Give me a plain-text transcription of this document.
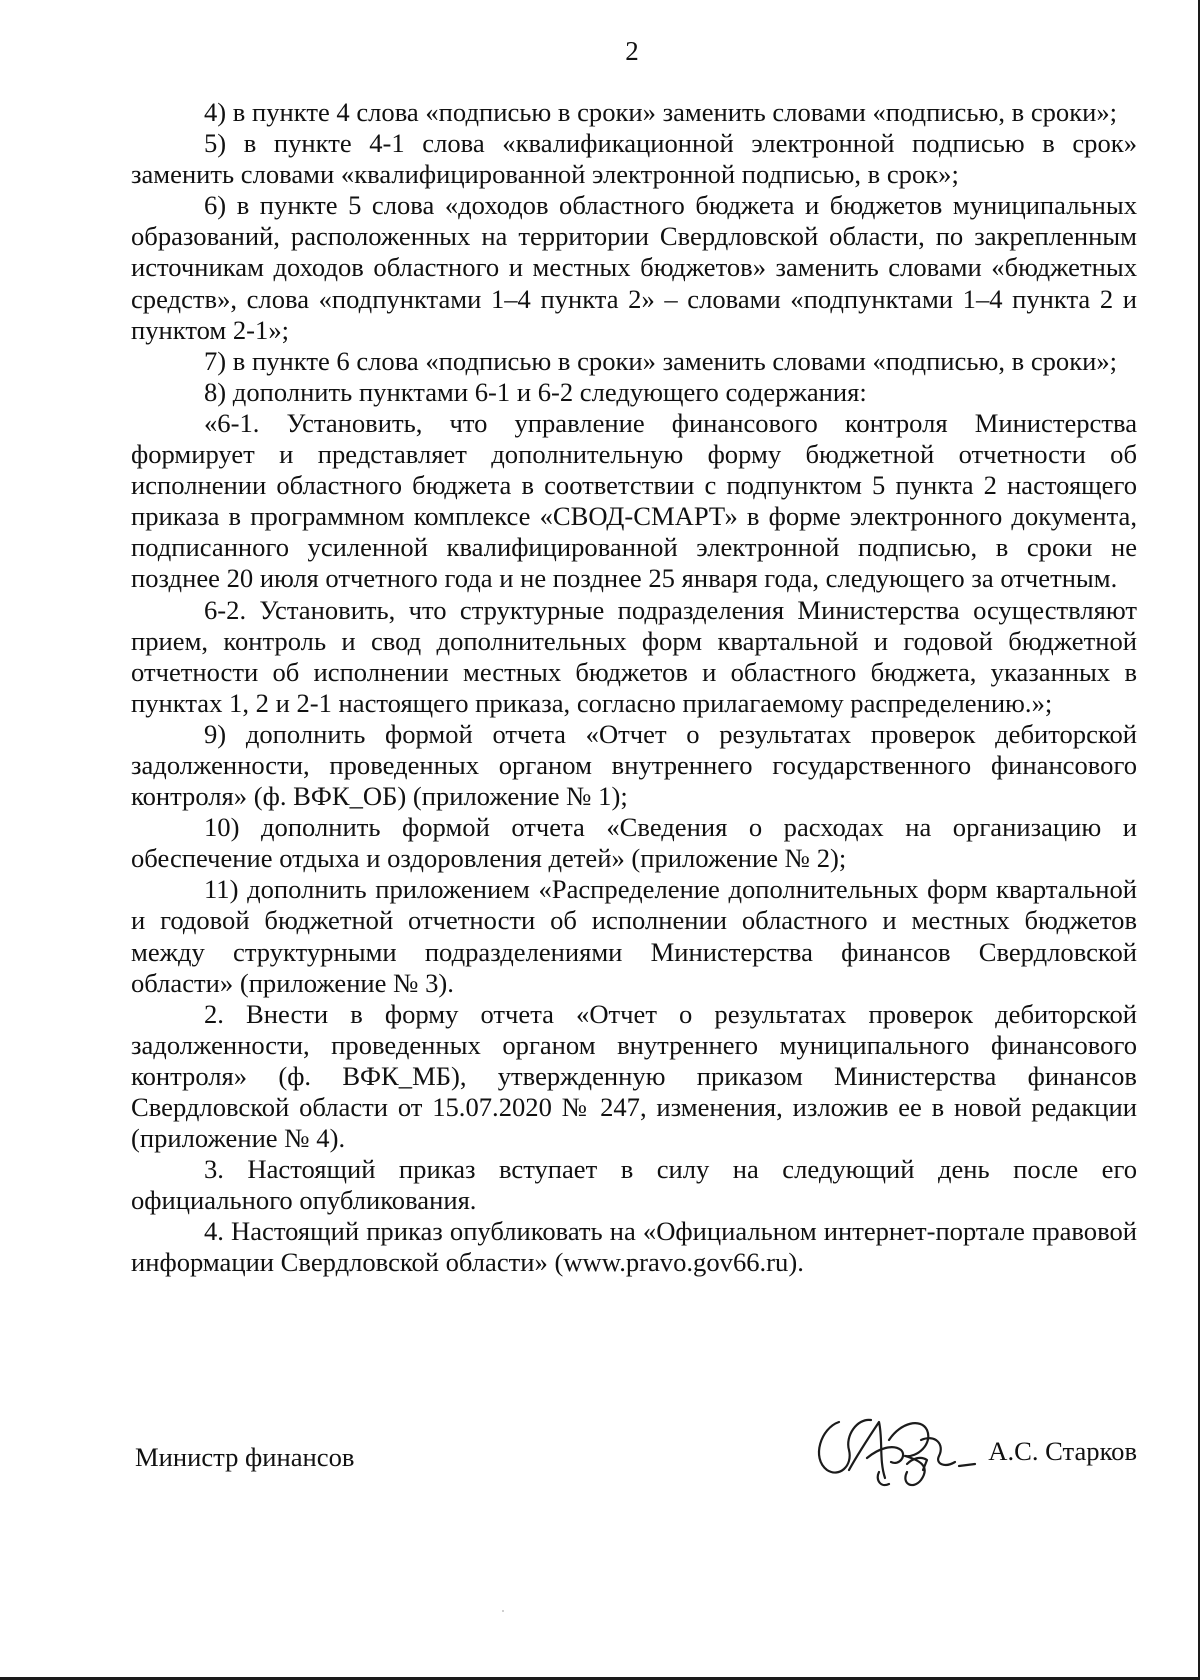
2

4) в пункте 4 слова «подписью в сроки» заменить словами «подписью, в сроки»;

5) в пункте 4-1 слова «квалификационной электронной подписью в срок» заменить словами «квалифицированной электронной подписью, в срок»;

6) в пункте 5 слова «доходов областного бюджета и бюджетов муниципальных образований, расположенных на территории Свердловской области, по закрепленным источникам доходов областного и местных бюджетов» заменить словами «бюджетных средств», слова «подпунктами 1–4 пункта 2» – словами «подпунктами 1–4 пункта 2 и пунктом 2-1»;

7) в пункте 6 слова «подписью в сроки» заменить словами «подписью, в сроки»;

8) дополнить пунктами 6-1 и 6-2 следующего содержания:

«6-1. Установить, что управление финансового контроля Министерства формирует и представляет дополнительную форму бюджетной отчетности об исполнении областного бюджета в соответствии с подпунктом 5 пункта 2 настоящего приказа в программном комплексе «СВОД-СМАРТ» в форме электронного документа, подписанного усиленной квалифицированной электронной подписью, в сроки не позднее 20 июля отчетного года и не позднее 25 января года, следующего за отчетным.

6-2. Установить, что структурные подразделения Министерства осуществляют прием, контроль и свод дополнительных форм квартальной и годовой бюджетной отчетности об исполнении местных бюджетов и областного бюджета, указанных в пунктах 1, 2 и 2-1 настоящего приказа, согласно прилагаемому распределению.»;

9) дополнить формой отчета «Отчет о результатах проверок дебиторской задолженности, проведенных органом внутреннего государственного финансового контроля» (ф. ВФК_ОБ) (приложение № 1);

10) дополнить формой отчета «Сведения о расходах на организацию и обеспечение отдыха и оздоровления детей» (приложение № 2);

11) дополнить приложением «Распределение дополнительных форм квартальной и годовой бюджетной отчетности об исполнении областного и местных бюджетов между структурными подразделениями Министерства финансов Свердловской области» (приложение № 3).

2. Внести в форму отчета «Отчет о результатах проверок дебиторской задолженности, проведенных органом внутреннего муниципального финансового контроля» (ф. ВФК_МБ), утвержденную приказом Министерства финансов Свердловской области от 15.07.2020 № 247, изменения, изложив ее в новой редакции (приложение № 4).

3. Настоящий приказ вступает в силу на следующий день после его официального опубликования.

4. Настоящий приказ опубликовать на «Официальном интернет-портале правовой информации Свердловской области» (www.pravo.gov66.ru).

Министр финансов	А.С. Старков
